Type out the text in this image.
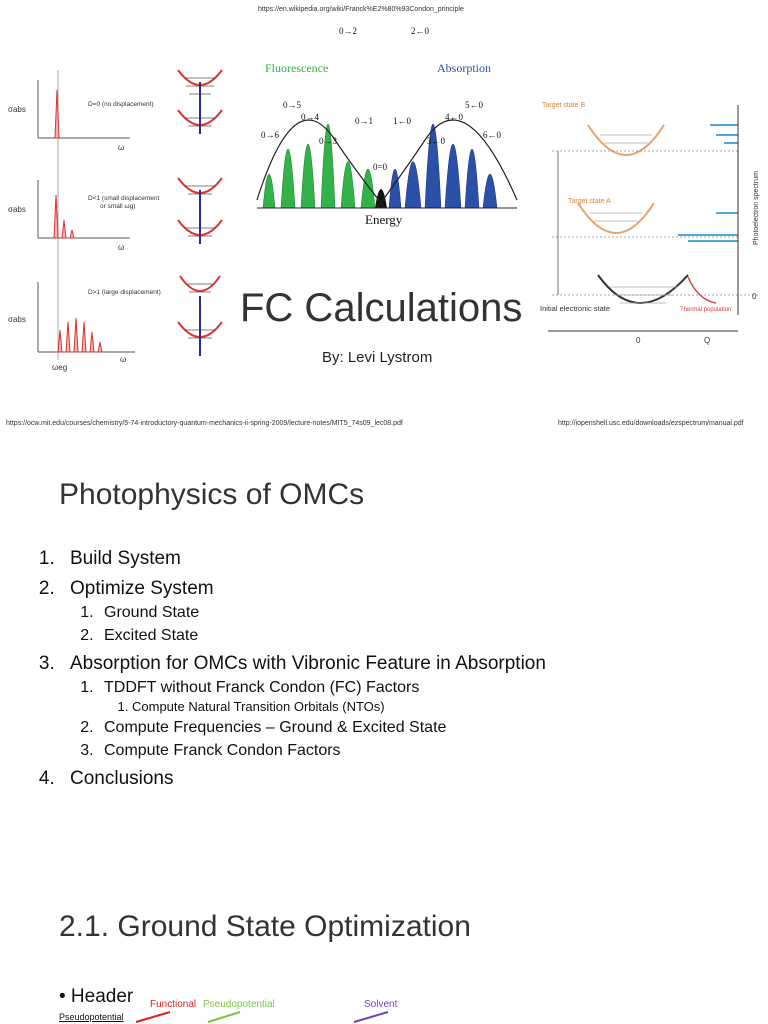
https://en.wikipedia.org/wiki/Franck%E2%80%93Condon_principle
D=0 (no displacement)
D<1 (small displacement
or small ωg)
D>1 (large displacement)
σabs
σabs
σabs
ω
ω
ω
ωeg
Fluorescence	Absorption
Energy
0→2	2←0
0→5
0→4
0→6
0→3
0→1 1←0
5←0
4←0
3←0
6←0
0=0
Target state B
Target state A
Initial electronic state	Thermal population
Photoelectron spectrum
0	Q
0
FC Calculations
By: Levi Lystrom
https://ocw.mit.edu/courses/chemistry/5-74-introductory-quantum-mechanics-ii-spring-2009/lecture-notes/MIT5_74s09_lec08.pdf	http://iopenshell.usc.edu/downloads/ezspectrum/manual.pdf
Photophysics of OMCs
1. Build System
2. Optimize System
1. Ground State
2. Excited State
3. Absorption for OMCs with Vibronic Feature in Absorption
1. TDDFT without Franck Condon (FC) Factors
1. Compute Natural Transition Orbitals (NTOs)
2. Compute Frequencies – Ground & Excited State
3. Compute Franck Condon Factors
4. Conclusions
2.1. Ground State Optimization
• Header Functional Pseudopotential	Solvent
Pseudopotential
